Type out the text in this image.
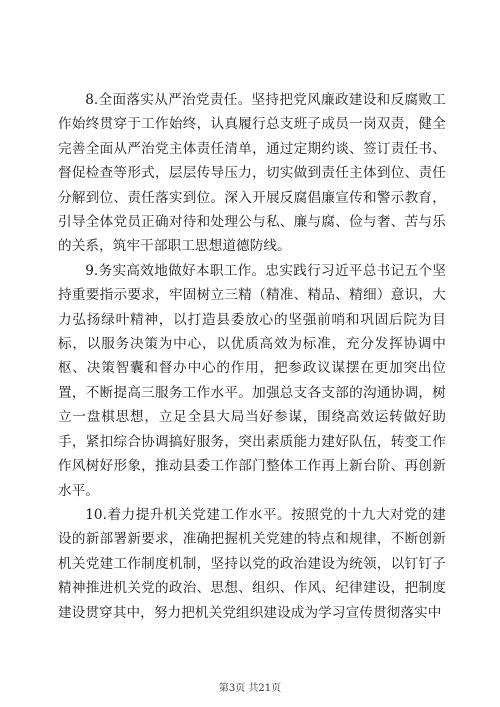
8.全面落实从严治党责任。坚持把党风廉政建设和反腐败工作始终贯穿于工作始终，认真履行总支班子成员一岗双责，健全完善全面从严治党主体责任清单，通过定期约谈、签订责任书、督促检查等形式，层层传导压力，切实做到责任主体到位、责任分解到位、责任落实到位。深入开展反腐倡廉宣传和警示教育，引导全体党员正确对待和处理公与私、廉与腐、俭与奢、苦与乐的关系，筑牢干部职工思想道德防线。

9.务实高效地做好本职工作。忠实践行习近平总书记五个坚持重要指示要求，牢固树立三精（精准、精品、精细）意识，大力弘扬绿叶精神，以打造县委放心的坚强前哨和巩固后院为目标，以服务决策为中心，以优质高效为标准，充分发挥协调中枢、决策智囊和督办中心的作用，把参政议谋摆在更加突出位置，不断提高三服务工作水平。加强总支各支部的沟通协调，树立一盘棋思想，立足全县大局当好参谋，围绕高效运转做好助手，紧扣综合协调搞好服务，突出素质能力建好队伍，转变工作作风树好形象，推动县委工作部门整体工作再上新台阶、再创新水平。

10.着力提升机关党建工作水平。按照党的十九大对党的建设的新部署新要求，准确把握机关党建的特点和规律，不断创新机关党建工作制度机制，坚持以党的政治建设为统领，以钉钉子精神推进机关党的政治、思想、组织、作风、纪律建设，把制度建设贯穿其中，努力把机关党组织建设成为学习宣传贯彻落实中

第3页 共21页
